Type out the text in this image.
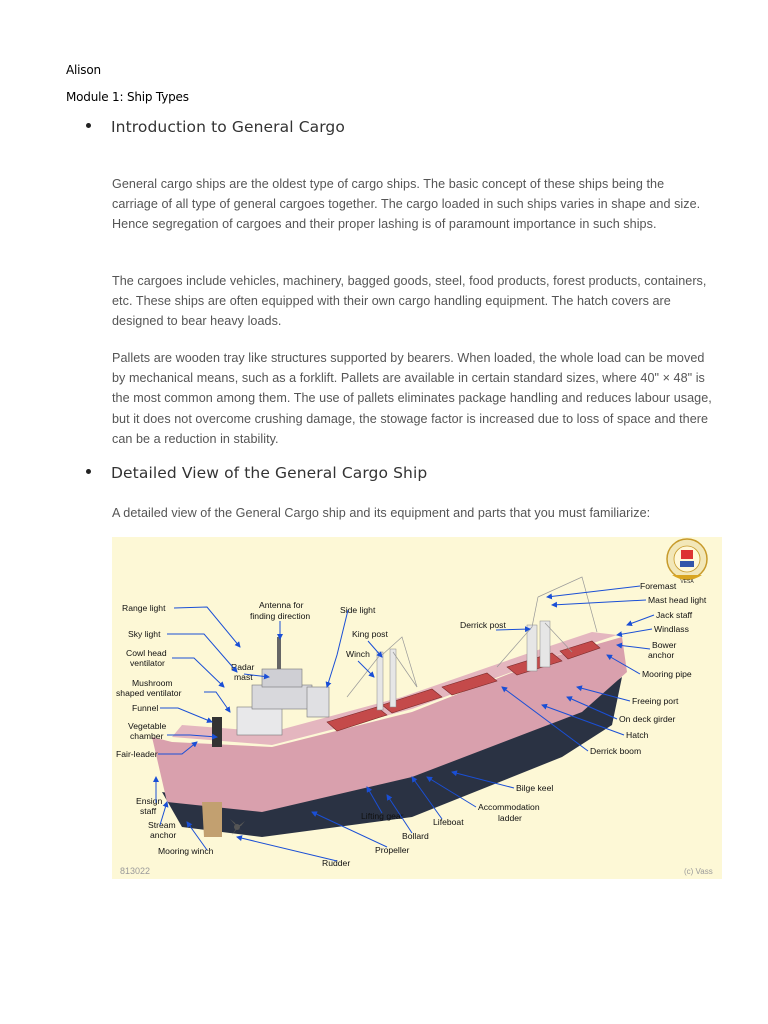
Alison
Module 1: Ship Types
Introduction to General Cargo

General cargo ships are the oldest type of cargo ships. The basic concept of these ships being the carriage of all type of general cargoes together. The cargo loaded in such ships varies in shape and size. Hence segregation of cargoes and their proper lashing is of paramount importance in such ships.

The cargoes include vehicles, machinery, bagged goods, steel, food products, forest products, containers, etc. These ships are often equipped with their own cargo handling equipment. The hatch covers are designed to bear heavy loads.

Pallets are wooden tray like structures supported by bearers. When loaded, the whole load can be moved by mechanical means, such as a forklift. Pallets are available in certain standard sizes, where 40" × 48" is the most common among them. The use of pallets eliminates package handling and reduces labour usage, but it does not overcome crushing damage, the stowage factor is increased due to loss of space and there can be a reduction in stability.

Detailed View of the General Cargo Ship

A detailed view of the General Cargo ship and its equipment and parts that you must familiarize:

VESA
Range light
Sky light
Cowl head
ventilator
Mushroom
shaped ventilator
Funnel
Vegetable
chamber
Fair-leader
Ensign
staff
Stream
anchor
Mooring winch
Antenna for
finding direction
Radar
mast
Side light
King post
Winch
Derrick post
Foremast
Mast head light
Jack staff
Windlass
Bower
anchor
Mooring pipe
Freeing port
On deck girder
Hatch
Derrick boom
Bilge keel
Accommodation
ladder
Lifting gear
Lifeboat
Bollard
Propeller
Rudder
813022	(c) Vass
